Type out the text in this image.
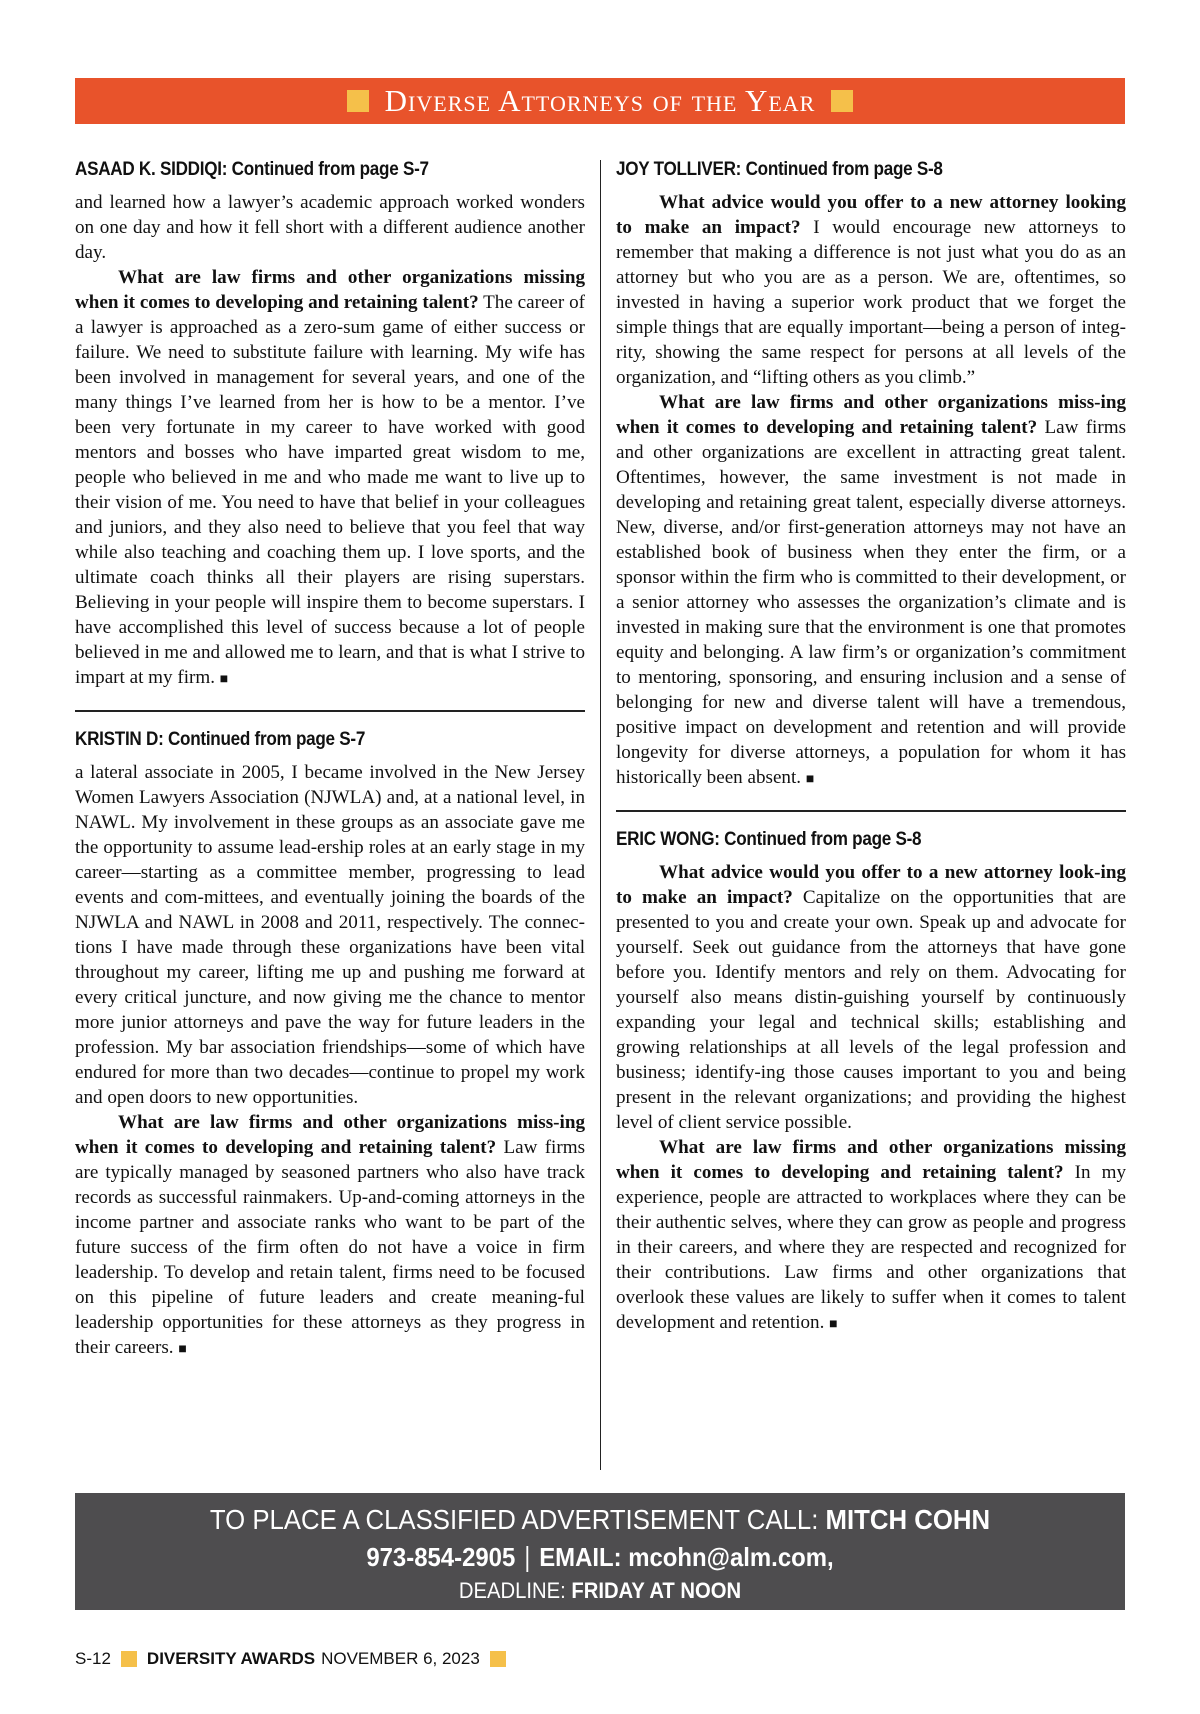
Diverse Attorneys of the Year
ASAAD K. SIDDIQI: Continued from page S-7

and learned how a lawyer’s academic approach worked wonders on one day and how it fell short with a different audience another day.

What are law firms and other organizations missing when it comes to developing and retaining talent? The career of a lawyer is approached as a zero-sum game of either success or failure. We need to substitute failure with learning. My wife has been involved in management for several years, and one of the many things I’ve learned from her is how to be a mentor. I’ve been very fortunate in my career to have worked with good mentors and bosses who have imparted great wisdom to me, people who believed in me and who made me want to live up to their vision of me. You need to have that belief in your colleagues and juniors, and they also need to believe that you feel that way while also teaching and coaching them up. I love sports, and the ultimate coach thinks all their players are rising superstars. Believing in your people will inspire them to become superstars. I have accomplished this level of success because a lot of people believed in me and allowed me to learn, and that is what I strive to impart at my firm. ■

KRISTIN D: Continued from page S-7

a lateral associate in 2005, I became involved in the New Jersey Women Lawyers Association (NJWLA) and, at a national level, in NAWL. My involvement in these groups as an associate gave me the opportunity to assume lead-ership roles at an early stage in my career—starting as a committee member, progressing to lead events and com-mittees, and eventually joining the boards of the NJWLA and NAWL in 2008 and 2011, respectively. The connec-tions I have made through these organizations have been vital throughout my career, lifting me up and pushing me forward at every critical juncture, and now giving me the chance to mentor more junior attorneys and pave the way for future leaders in the profession. My bar association friendships—some of which have endured for more than two decades—continue to propel my work and open doors to new opportunities.

What are law firms and other organizations miss-ing when it comes to developing and retaining talent? Law firms are typically managed by seasoned partners who also have track records as successful rainmakers. Up-and-coming attorneys in the income partner and associate ranks who want to be part of the future success of the firm often do not have a voice in firm leadership. To develop and retain talent, firms need to be focused on this pipeline of future leaders and create meaning-ful leadership opportunities for these attorneys as they progress in their careers. ■

JOY TOLLIVER: Continued from page S-8

What advice would you offer to a new attorney looking to make an impact? I would encourage new attorneys to remember that making a difference is not just what you do as an attorney but who you are as a person. We are, oftentimes, so invested in having a superior work product that we forget the simple things that are equally important—being a person of integ-rity, showing the same respect for persons at all levels of the organization, and “lifting others as you climb.”

What are law firms and other organizations miss-ing when it comes to developing and retaining talent? Law firms and other organizations are excellent in attracting great talent. Oftentimes, however, the same investment is not made in developing and retaining great talent, especially diverse attorneys. New, diverse, and/or first-generation attorneys may not have an established book of business when they enter the firm, or a sponsor within the firm who is committed to their development, or a senior attorney who assesses the organization’s climate and is invested in making sure that the environment is one that promotes equity and belonging. A law firm’s or organization’s commitment to mentoring, sponsoring, and ensuring inclusion and a sense of belonging for new and diverse talent will have a tremendous, positive impact on development and retention and will provide longevity for diverse attorneys, a population for whom it has historically been absent. ■

ERIC WONG: Continued from page S-8

What advice would you offer to a new attorney look-ing to make an impact? Capitalize on the opportunities that are presented to you and create your own. Speak up and advocate for yourself. Seek out guidance from the attorneys that have gone before you. Identify mentors and rely on them. Advocating for yourself also means distin-guishing yourself by continuously expanding your legal and technical skills; establishing and growing relationships at all levels of the legal profession and business; identify-ing those causes important to you and being present in the relevant organizations; and providing the highest level of client service possible.

What are law firms and other organizations missing when it comes to developing and retaining talent? In my experience, people are attracted to workplaces where they can be their authentic selves, where they can grow as people and progress in their careers, and where they are respected and recognized for their contributions. Law firms and other organizations that overlook these values are likely to suffer when it comes to talent development and retention. ■

TO PLACE A CLASSIFIED ADVERTISEMENT CALL: MITCH COHN
973-854-2905 EMAIL: mcohn@alm.com,
DEADLINE: FRIDAY AT NOON
S-12 DIVERSITY AWARDS NOVEMBER 6, 2023
